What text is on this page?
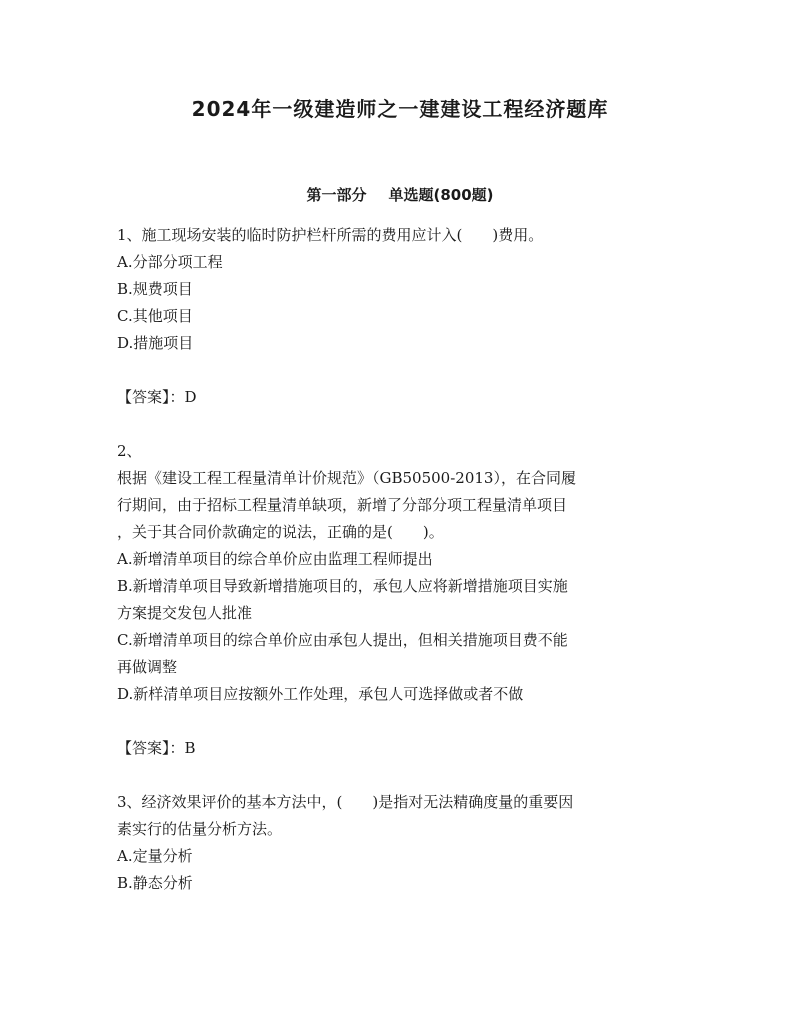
2024年一级建造师之一建建设工程经济题库
第一部分 单选题(800题)
1、施工现场安装的临时防护栏杆所需的费用应计入(　　)费用。
A.分部分项工程
B.规费项目
C.其他项目
D.措施项目
【答案】：D
2、
根据《建设工程工程量清单计价规范》（GB50500-2013），在合同履
行期间，由于招标工程量清单缺项，新增了分部分项工程量清单项目
，关于其合同价款确定的说法，正确的是(　　)。
A.新增清单项目的综合单价应由监理工程师提出
B.新增清单项目导致新增措施项目的，承包人应将新增措施项目实施
方案提交发包人批准
C.新增清单项目的综合单价应由承包人提出，但相关措施项目费不能
再做调整
D.新样清单项目应按额外工作处理，承包人可选择做或者不做
【答案】：B
3、经济效果评价的基本方法中，(　　)是指对无法精确度量的重要因
素实行的估量分析方法。
A.定量分析
B.静态分析
